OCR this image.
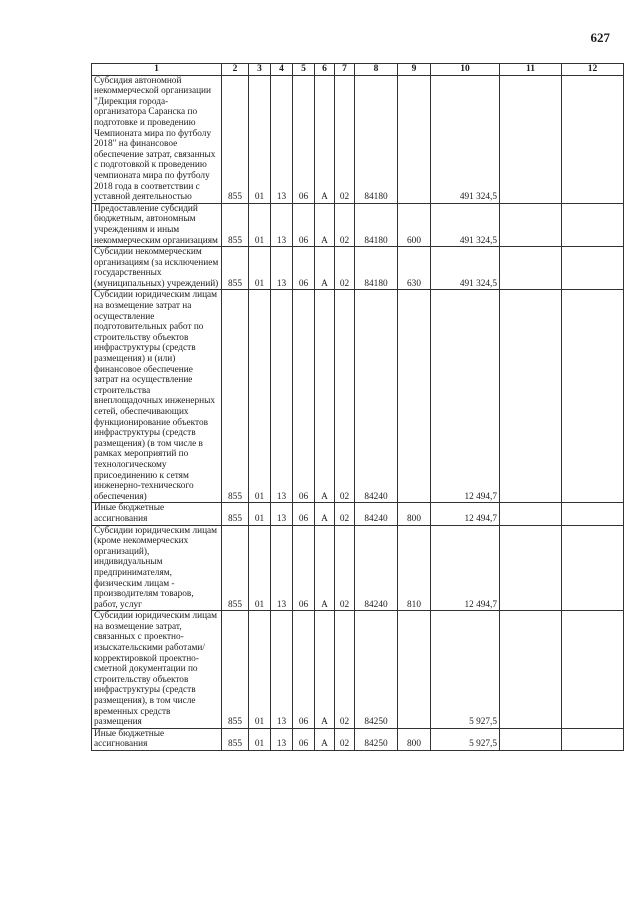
627
1	2	3	4	5	6	7	8	9	10	11	12
Субсидия автономной некоммерческой организации "Дирекция города-организатора Саранска по подготовке и проведению Чемпионата мира по футболу 2018" на финансовое обеспечение затрат, связанных с подготовкой к проведению чемпионата мира по футболу 2018 года в соответствии с уставной деятельностью	855	01	13	06	А	02	84180		491 324,5		
Предоставление субсидий бюджетным, автономным учреждениям и иным некоммерческим организациям	855	01	13	06	А	02	84180	600	491 324,5		
Субсидии некоммерческим организациям (за исключением государственных (муниципальных) учреждений)	855	01	13	06	А	02	84180	630	491 324,5		
Субсидии юридическим лицам на возмещение затрат на осуществление подготовительных работ по строительству объектов инфраструктуры (средств размещения) и (или) финансовое обеспечение затрат на осуществление строительства внеплощадочных инженерных сетей, обеспечивающих функционирование объектов инфраструктуры (средств размещения) (в том числе в рамках мероприятий по технологическому присоединению к сетям инженерно-технического обеспечения)	855	01	13	06	А	02	84240		12 494,7		
Иные бюджетные ассигнования	855	01	13	06	А	02	84240	800	12 494,7		
Субсидии юридическим лицам (кроме некоммерческих организаций), индивидуальным предпринимателям, физическим лицам - производителям товаров, работ, услуг	855	01	13	06	А	02	84240	810	12 494,7		
Субсидии юридическим лицам на возмещение затрат, связанных с проектно-изыскательскими работами/корректировкой проектно-сметной документации по строительству объектов инфраструктуры (средств размещения), в том числе временных средств размещения	855	01	13	06	А	02	84250		5 927,5		
Иные бюджетные ассигнования	855	01	13	06	А	02	84250	800	5 927,5		
